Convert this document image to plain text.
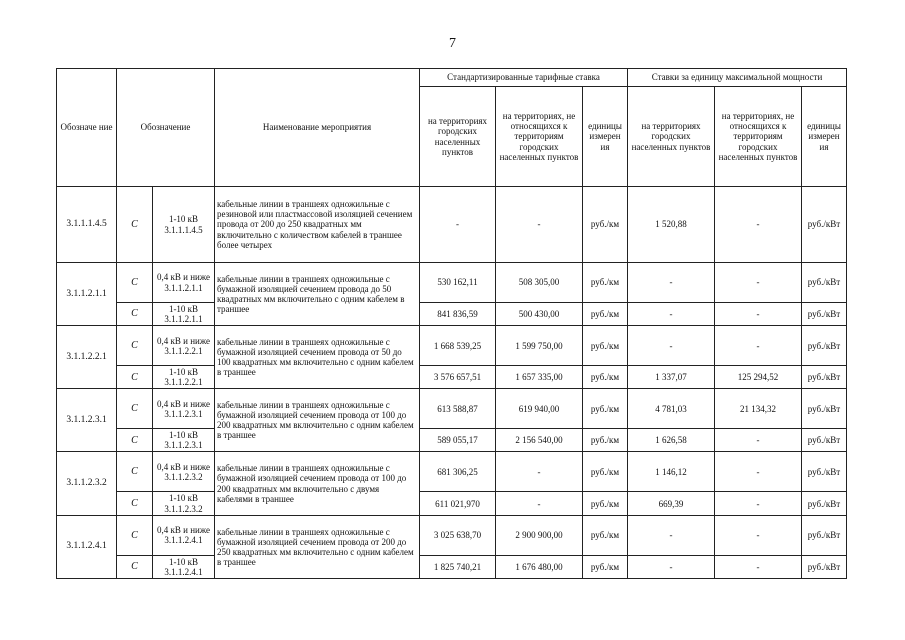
7
Обозначе ние	Обозначение		Наименование мероприятия	Стандартизированные тарифные ставка			Ставки за единицу максимальной мощности		
				на территориях городских населенных пунктов	на территориях, не относящихся к территориям городских населенных пунктов	единицы измерен ия	на территориях городских населенных пунктов	на территориях, не относящихся к территориям городских населенных пунктов	единицы измерен ия
3.1.1.1.4.5	С	1-10 кВ 3.1.1.1.4.5	кабельные линии в траншеях одножильные с резиновой или пластмассовой изоляцией сечением провода от 200 до 250 квадратных мм включительно с количеством кабелей в траншее более четырех	-	-	руб./км	1 520,88	-	руб./кВт
3.1.1.2.1.1	С	0,4 кВ и ниже 3.1.1.2.1.1	кабельные линии в траншеях одножильные с бумажной изоляцией сечением провода до 50 квадратных мм включительно с одним кабелем в траншее	530 162,11	508 305,00	руб./км	-	-	руб./кВт
	С	1-10 кВ 3.1.1.2.1.1		841 836,59	500 430,00	руб./км	-	-	руб./кВт
3.1.1.2.2.1	С	0,4 кВ и ниже 3.1.1.2.2.1	кабельные линии в траншеях одножильные с бумажной изоляцией сечением провода от 50 до 100 квадратных мм включительно с одним кабелем в траншее	1 668 539,25	1 599 750,00	руб./км	-	-	руб./кВт
	С	1-10 кВ 3.1.1.2.2.1		3 576 657,51	1 657 335,00	руб./км	1 337,07	125 294,52	руб./кВт
3.1.1.2.3.1	С	0,4 кВ и ниже 3.1.1.2.3.1	кабельные линии в траншеях одножильные с бумажной изоляцией сечением провода от 100 до 200 квадратных мм включительно с одним кабелем в траншее	613 588,87	619 940,00	руб./км	4 781,03	21 134,32	руб./кВт
	С	1-10 кВ 3.1.1.2.3.1		589 055,17	2 156 540,00	руб./км	1 626,58	-	руб./кВт
3.1.1.2.3.2	С	0,4 кВ и ниже 3.1.1.2.3.2	кабельные линии в траншеях одножильные с бумажной изоляцией сечением провода от 100 до 200 квадратных мм включительно с двумя кабелями в траншее	681 306,25	-	руб./км	1 146,12	-	руб./кВт
	С	1-10 кВ 3.1.1.2.3.2		611 021,970	-	руб./км	669,39	-	руб./кВт
3.1.1.2.4.1	С	0,4 кВ и ниже 3.1.1.2.4.1	кабельные линии в траншеях одножильные с бумажной изоляцией сечением провода от 200 до 250 квадратных мм включительно с одним кабелем в траншее	3 025 638,70	2 900 900,00	руб./км	-	-	руб./кВт
	С	1-10 кВ 3.1.1.2.4.1		1 825 740,21	1 676 480,00	руб./км	-	-	руб./кВт
